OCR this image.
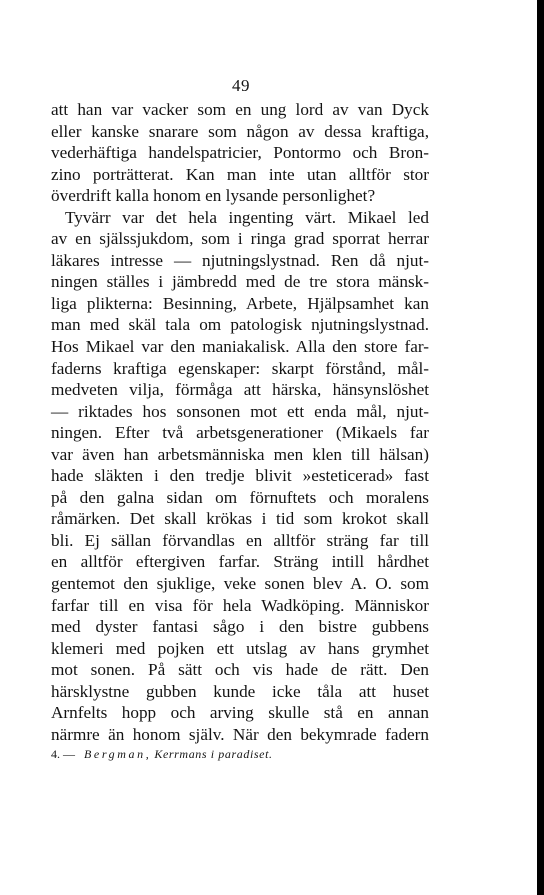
49
att han var vacker som en ung lord av van Dyck
eller kanske snarare som någon av dessa kraftiga,
vederhäftiga handelspatricier, Pontormo och Bron-
zino porträtterat. Kan man inte utan alltför stor
överdrift kalla honom en lysande personlighet?
Tyvärr var det hela ingenting värt. Mikael led
av en själssjukdom, som i ringa grad sporrat herrar
läkares intresse — njutningslystnad. Ren då njut-
ningen ställes i jämbredd med de tre stora mänsk-
liga plikterna: Besinning, Arbete, Hjälpsamhet kan
man med skäl tala om patologisk njutningslystnad.
Hos Mikael var den maniakalisk. Alla den store far-
faderns kraftiga egenskaper: skarpt förstånd, mål-
medveten vilja, förmåga att härska, hänsynslöshet
— riktades hos sonsonen mot ett enda mål, njut-
ningen. Efter två arbetsgenerationer (Mikaels far
var även han arbetsmänniska men klen till hälsan)
hade släkten i den tredje blivit »esteticerad» fast
på den galna sidan om förnuftets och moralens
råmärken. Det skall krökas i tid som krokot skall
bli. Ej sällan förvandlas en alltför sträng far till
en alltför eftergiven farfar. Sträng intill hårdhet
gentemot den sjuklige, veke sonen blev A. O. som
farfar till en visa för hela Wadköping. Människor
med dyster fantasi sågo i den bistre gubbens
klemeri med pojken ett utslag av hans grymhet
mot sonen. På sätt och vis hade de rätt. Den
härsklystne gubben kunde icke tåla att huset
Arnfelts hopp och arving skulle stå en annan
närmre än honom själv. När den bekymrade fadern
4. — Bergman, Kerrmans i paradiset.
